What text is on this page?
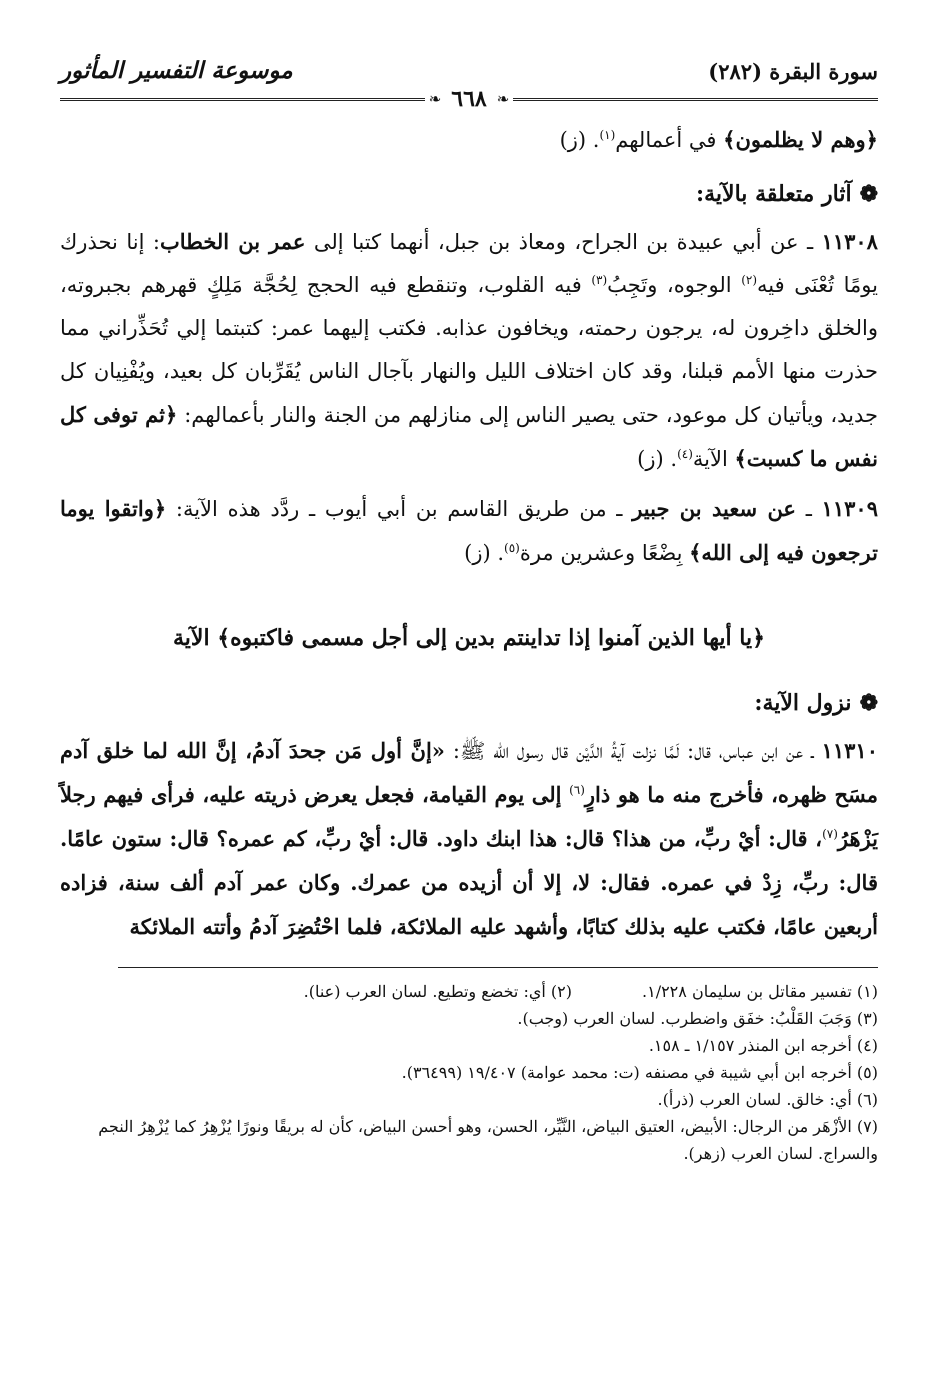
سورة البقرة (٢٨٢)
موسوعة التفسير المأثور
❧
٦٦٨
❧

﴿وهم لا يظلمون﴾ في أعمالهم$^{(١)}$. (ز)

❁آثار متعلقة بالآية:

١١٣٠٨ ـ عن أبي عبيدة بن الجراح، ومعاذ بن جبل، أنهما كتبا إلى عمر بن الخطاب: إنا نحذرك يومًا تُعْنَى فيه$^{(٢)}$ الوجوه، وتَجِبُ$^{(٣)}$ فيه القلوب، وتنقطع فيه الحجج لِحُجَّة مَلِكٍ قهرهم بجبروته، والخلق داخِرون له، يرجون رحمته، ويخافون عذابه. فكتب إليهما عمر: كتبتما إلي تُحَذِّراني مما حذرت منها الأمم قبلنا، وقد كان اختلاف الليل والنهار بآجال الناس يُقَرِّبان كل بعيد، ويُفْنِيان كل جديد، ويأتيان كل موعود، حتى يصير الناس إلى منازلهم من الجنة والنار بأعمالهم: ﴿ثم توفى كل نفس ما كسبت﴾ الآية$^{(٤)}$. (ز)

١١٣٠٩ ـ عن سعيد بن جبير ـ من طريق القاسم بن أبي أيوب ـ ردَّد هذه الآية: ﴿واتقوا يوما ترجعون فيه إلى الله﴾ بِضْعًا وعشرين مرة$^{(٥)}$. (ز)

﴿يا أيها الذين آمنوا إذا تداينتم بدين إلى أجل مسمى فاكتبوه﴾ الآية
❁نزول الآية:

١١٣١٠ ـ عن ابن عباس، قال: لَمَّا نزلت آيةُ الدَّيْن قال رسول الله ﷺ: «إنَّ أول مَن جحدَ آدمُ، إنَّ الله لما خلق آدم مسَح ظهره، فأخرج منه ما هو ذارٍ$^{(٦)}$ إلى يوم القيامة، فجعل يعرض ذريته عليه، فرأى فيهم رجلاً يَزْهَرُ$^{(٧)}$، قال: أيْ ربِّ، من هذا؟ قال: هذا ابنك داود. قال: أيْ ربِّ، كم عمره؟ قال: ستون عامًا. قال: ربِّ، زِدْ في عمره. فقال: لا، إلا أن أزيده من عمرك. وكان عمر آدم ألف سنة، فزاده أربعين عامًا، فكتب عليه بذلك كتابًا، وأشهد عليه الملائكة، فلما احْتُضِرَ آدمُ وأتته الملائكة

(١) تفسير مقاتل بن سليمان ١/٢٢٨.

(٢) أي: تخضع وتطيع. لسان العرب (عنا).

(٣) وَجَبَ القَلْبُ: خفَق واضطرب. لسان العرب (وجب).

(٤) أخرجه ابن المنذر ١/١٥٧ ـ ١٥٨.

(٥) أخرجه ابن أبي شيبة في مصنفه (ت: محمد عوامة) ١٩/٤٠٧ (٣٦٤٩٩).

(٦) أي: خالق. لسان العرب (ذرأ).

(٧) الأزْهَر من الرجال: الأبيض، العتيق البياض، النَّيِّر، الحسن، وهو أحسن البياض، كأن له بريقًا ونورًا يُزْهِرُ كما يُزْهِرُ النجم والسراج. لسان العرب (زهر).
